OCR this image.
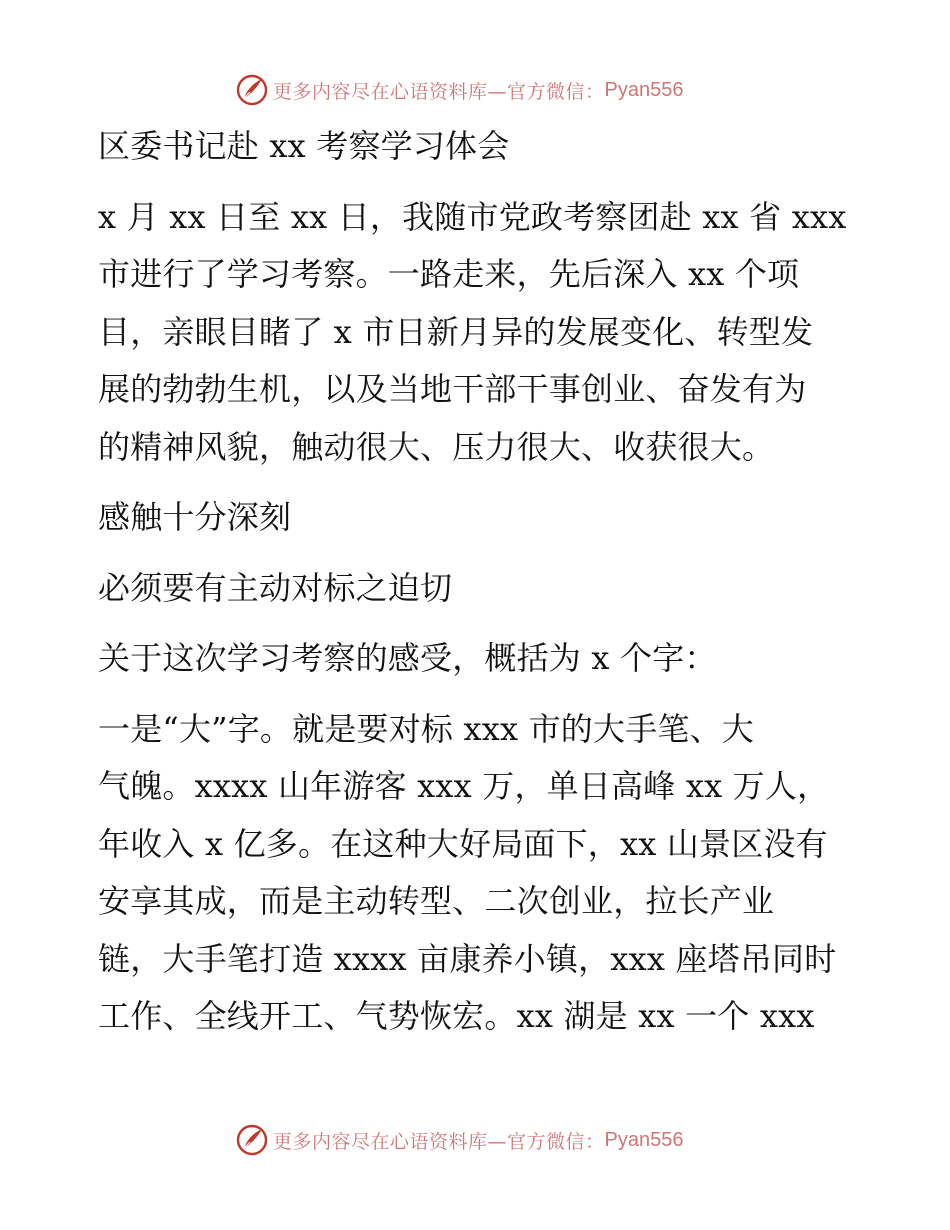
更多内容尽在心语资料库—官方微信： Pyan556
区委书记赴 xx 考察学习体会
x 月 xx 日至 xx 日，我随市党政考察团赴 xx 省 xxx
市进行了学习考察。一路走来，先后深入 xx 个项
目，亲眼目睹了 x 市日新月异的发展变化、转型发
展的勃勃生机，以及当地干部干事创业、奋发有为
的精神风貌，触动很大、压力很大、收获很大。
感触十分深刻
必须要有主动对标之迫切
关于这次学习考察的感受，概括为 x 个字：
一是“大”字。就是要对标 xxx 市的大手笔、大
气魄。xxxx 山年游客 xxx 万，单日高峰 xx 万人，
年收入 x 亿多。在这种大好局面下，xx 山景区没有
安享其成，而是主动转型、二次创业，拉长产业
链，大手笔打造 xxxx 亩康养小镇，xxx 座塔吊同时
工作、全线开工、气势恢宏。xx 湖是 xx 一个 xxx
更多内容尽在心语资料库—官方微信： Pyan556
